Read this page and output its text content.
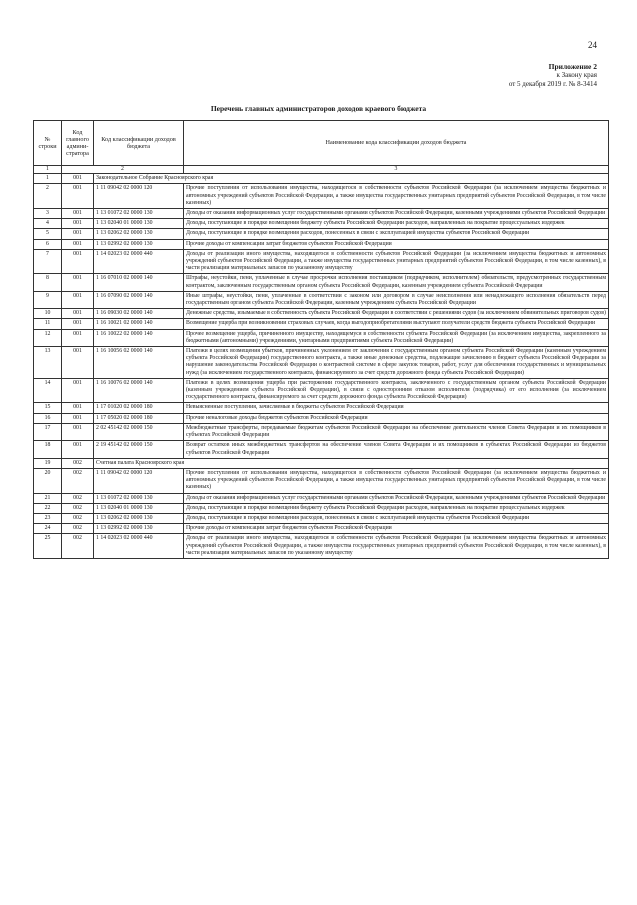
24
Приложение 2
к Закону края
от 5 декабря 2019 г. № 8-3414
Перечень главных администраторов доходов краевого бюджета
№ строки	Код главного админи-стратора	Код классификации доходов бюджета	Наименование кода классификации доходов бюджета
1	2		3
1	001	Законодательное Собрание Красноярского края	
2	001	1 11 09042 02 0000 120	Прочие поступления от использования имущества, находящегося в собственности субъектов Российской Федерации (за исключением имущества бюджетных и автономных учреждений субъектов Российской Федерации, а также имущества государственных унитарных предприятий субъектов Российской Федерации, в том числе казенных)
3	001	1 13 01072 02 0000 130	Доходы от оказания информационных услуг государственными органами субъектов Российской Федерации, казенными учреждениями субъектов Российской Федерации
4	001	1 13 02040 01 0000 130	Доходы, поступающие в порядке возмещения бюджету субъекта Российской Федерации расходов, направленных на покрытие процессуальных издержек
5	001	1 13 02062 02 0000 130	Доходы, поступающие в порядке возмещения расходов, понесенных в связи с эксплуатацией имущества субъектов Российской Федерации
6	001	1 13 02992 02 0000 130	Прочие доходы от компенсации затрат бюджетов субъектов Российской Федерации
7	001	1 14 02023 02 0000 440	Доходы от реализации иного имущества, находящегося в собственности субъектов Российской Федерации (за исключением имущества бюджетных и автономных учреждений субъектов Российской Федерации, а также имущества государственных унитарных предприятий субъектов Российской Федерации, в том числе казенных), в части реализации материальных запасов по указанному имуществу
8	001	1 16 07010 02 0000 140	Штрафы, неустойки, пени, уплаченные в случае просрочки исполнения поставщиком (подрядчиком, исполнителем) обязательств, предусмотренных государственным контрактом, заключенным государственным органом субъекта Российской Федерации, казенным учреждением субъекта Российской Федерации
9	001	1 16 07090 02 0000 140	Иные штрафы, неустойки, пени, уплаченные в соответствии с законом или договором в случае неисполнения или ненадлежащего исполнения обязательств перед государственным органом субъекта Российской Федерации, казенным учреждением субъекта Российской Федерации
10	001	1 16 09030 02 0000 140	Денежные средства, изымаемые в собственность субъекта Российской Федерации в соответствии с решениями судов (за исключением обвинительных приговоров судов)
11	001	1 16 10021 02 0000 140	Возмещение ущерба при возникновении страховых случаев, когда выгодоприобретателями выступают получатели средств бюджета субъекта Российской Федерации
12	001	1 16 10022 02 0000 140	Прочее возмещение ущерба, причиненного имуществу, находящемуся в собственности субъекта Российской Федерации (за исключением имущества, закрепленного за бюджетными (автономными) учреждениями, унитарными предприятиями субъекта Российской Федерации)
13	001	1 16 10056 02 0000 140	Платежи в целях возмещения убытков, причиненных уклонением от заключения с государственным органом субъекта Российской Федерации (казенным учреждением субъекта Российской Федерации) государственного контракта, а также иные денежные средства, подлежащие зачислению в бюджет субъекта Российской Федерации за нарушение законодательства Российской Федерации о контрактной системе в сфере закупок товаров, работ, услуг для обеспечения государственных и муниципальных нужд (за исключением государственного контракта, финансируемого за счет средств дорожного фонда субъекта Российской Федерации)
14	001	1 16 10076 02 0000 140	Платежи в целях возмещения ущерба при расторжении государственного контракта, заключенного с государственным органом субъекта Российской Федерации (казенным учреждением субъекта Российской Федерации), в связи с односторонним отказом исполнителя (подрядчика) от его исполнения (за исключением государственного контракта, финансируемого за счет средств дорожного фонда субъекта Российской Федерации)
15	001	1 17 01020 02 0000 180	Невыясненные поступления, зачисляемые в бюджеты субъектов Российской Федерации
16	001	1 17 05020 02 0000 180	Прочие неналоговые доходы бюджетов субъектов Российской Федерации
17	001	2 02 45142 02 0000 150	Межбюджетные трансферты, передаваемые бюджетам субъектов Российской Федерации на обеспечение деятельности членов Совета Федерации и их помощников в субъектах Российской Федерации
18	001	2 19 45142 02 0000 150	Возврат остатков иных межбюджетных трансфертов на обеспечение членов Совета Федерации и их помощников в субъектах Российской Федерации из бюджетов субъектов Российской Федерации
19	002	Счетная палата Красноярского края	
20	002	1 11 09042 02 0000 120	Прочие поступления от использования имущества, находящегося в собственности субъектов Российской Федерации (за исключением имущества бюджетных и автономных учреждений субъектов Российской Федерации, а также имущества государственных унитарных предприятий субъектов Российской Федерации, в том числе казенных)
21	002	1 13 01072 02 0000 130	Доходы от оказания информационных услуг государственными органами субъектов Российской Федерации, казенными учреждениями субъектов Российской Федерации
22	002	1 13 02040 01 0000 130	Доходы, поступающие в порядке возмещения бюджету субъекта Российской Федерации расходов, направленных на покрытие процессуальных издержек
23	002	1 13 02062 02 0000 130	Доходы, поступающие в порядке возмещения расходов, понесенных в связи с эксплуатацией имущества субъектов Российской Федерации
24	002	1 13 02992 02 0000 130	Прочие доходы от компенсации затрат бюджетов субъектов Российской Федерации
25	002	1 14 02023 02 0000 440	Доходы от реализации иного имущества, находящегося в собственности субъектов Российской Федерации (за исключением имущества бюджетных и автономных учреждений субъектов Российской Федерации, а также имущества государственных унитарных предприятий субъектов Российской Федерации, в том числе казенных), в части реализации материальных запасов по указанному имуществу
